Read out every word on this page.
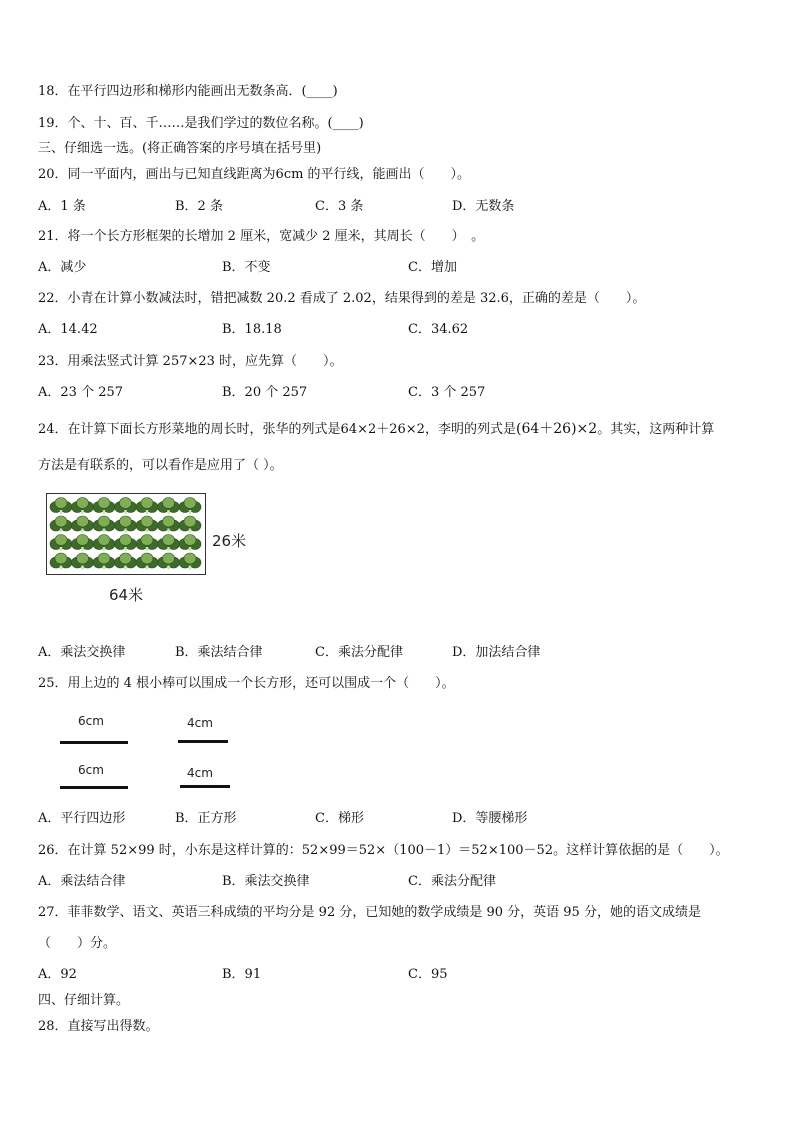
18．在平行四边形和梯形内能画出无数条高．(____)
19．个、十、百、千……是我们学过的数位名称。(____)
三、仔细选一选。(将正确答案的序号填在括号里)
20．同一平面内，画出与已知直线距离为6cm 的平行线，能画出（　　）。
A．1 条	B．2 条	C．3 条	D．无数条
21．将一个长方形框架的长增加 2 厘米，宽减少 2 厘米，其周长（　　）　。
A．减少	B．不变	C．增加
22．小青在计算小数减法时，错把减数 20.2 看成了 2.02，结果得到的差是 32.6，正确的差是（　　）。
A．14.42	B．18.18	C．34.62
23．用乘法竖式计算 257×23 时，应先算（　　）。
A．23 个 257	B．20 个 257	C．3 个 257
24．在计算下面长方形菜地的周长时，张华的列式是64×2＋26×2，李明的列式是(64＋26)×2。其实，这两种计算
方法是有联系的，可以看作是应用了（ ）。
26米
64米
A．乘法交换律	B．乘法结合律	C．乘法分配律	D．加法结合律
25．用上边的 4 根小棒可以围成一个长方形，还可以围成一个（　　）。
6cm	4cm
6cm	4cm
A．平行四边形	B．正方形	C．梯形	D．等腰梯形
26．在计算 52×99 时，小东是这样计算的：52×99＝52×（100－1）＝52×100－52。这样计算依据的是（　　）。
A．乘法结合律	B．乘法交换律	C．乘法分配律
27．菲菲数学、语文、英语三科成绩的平均分是 92 分，已知她的数学成绩是 90 分，英语 95 分，她的语文成绩是
（　　）分。
A．92	B．91	C．95
四、仔细计算。
28．直接写出得数。
